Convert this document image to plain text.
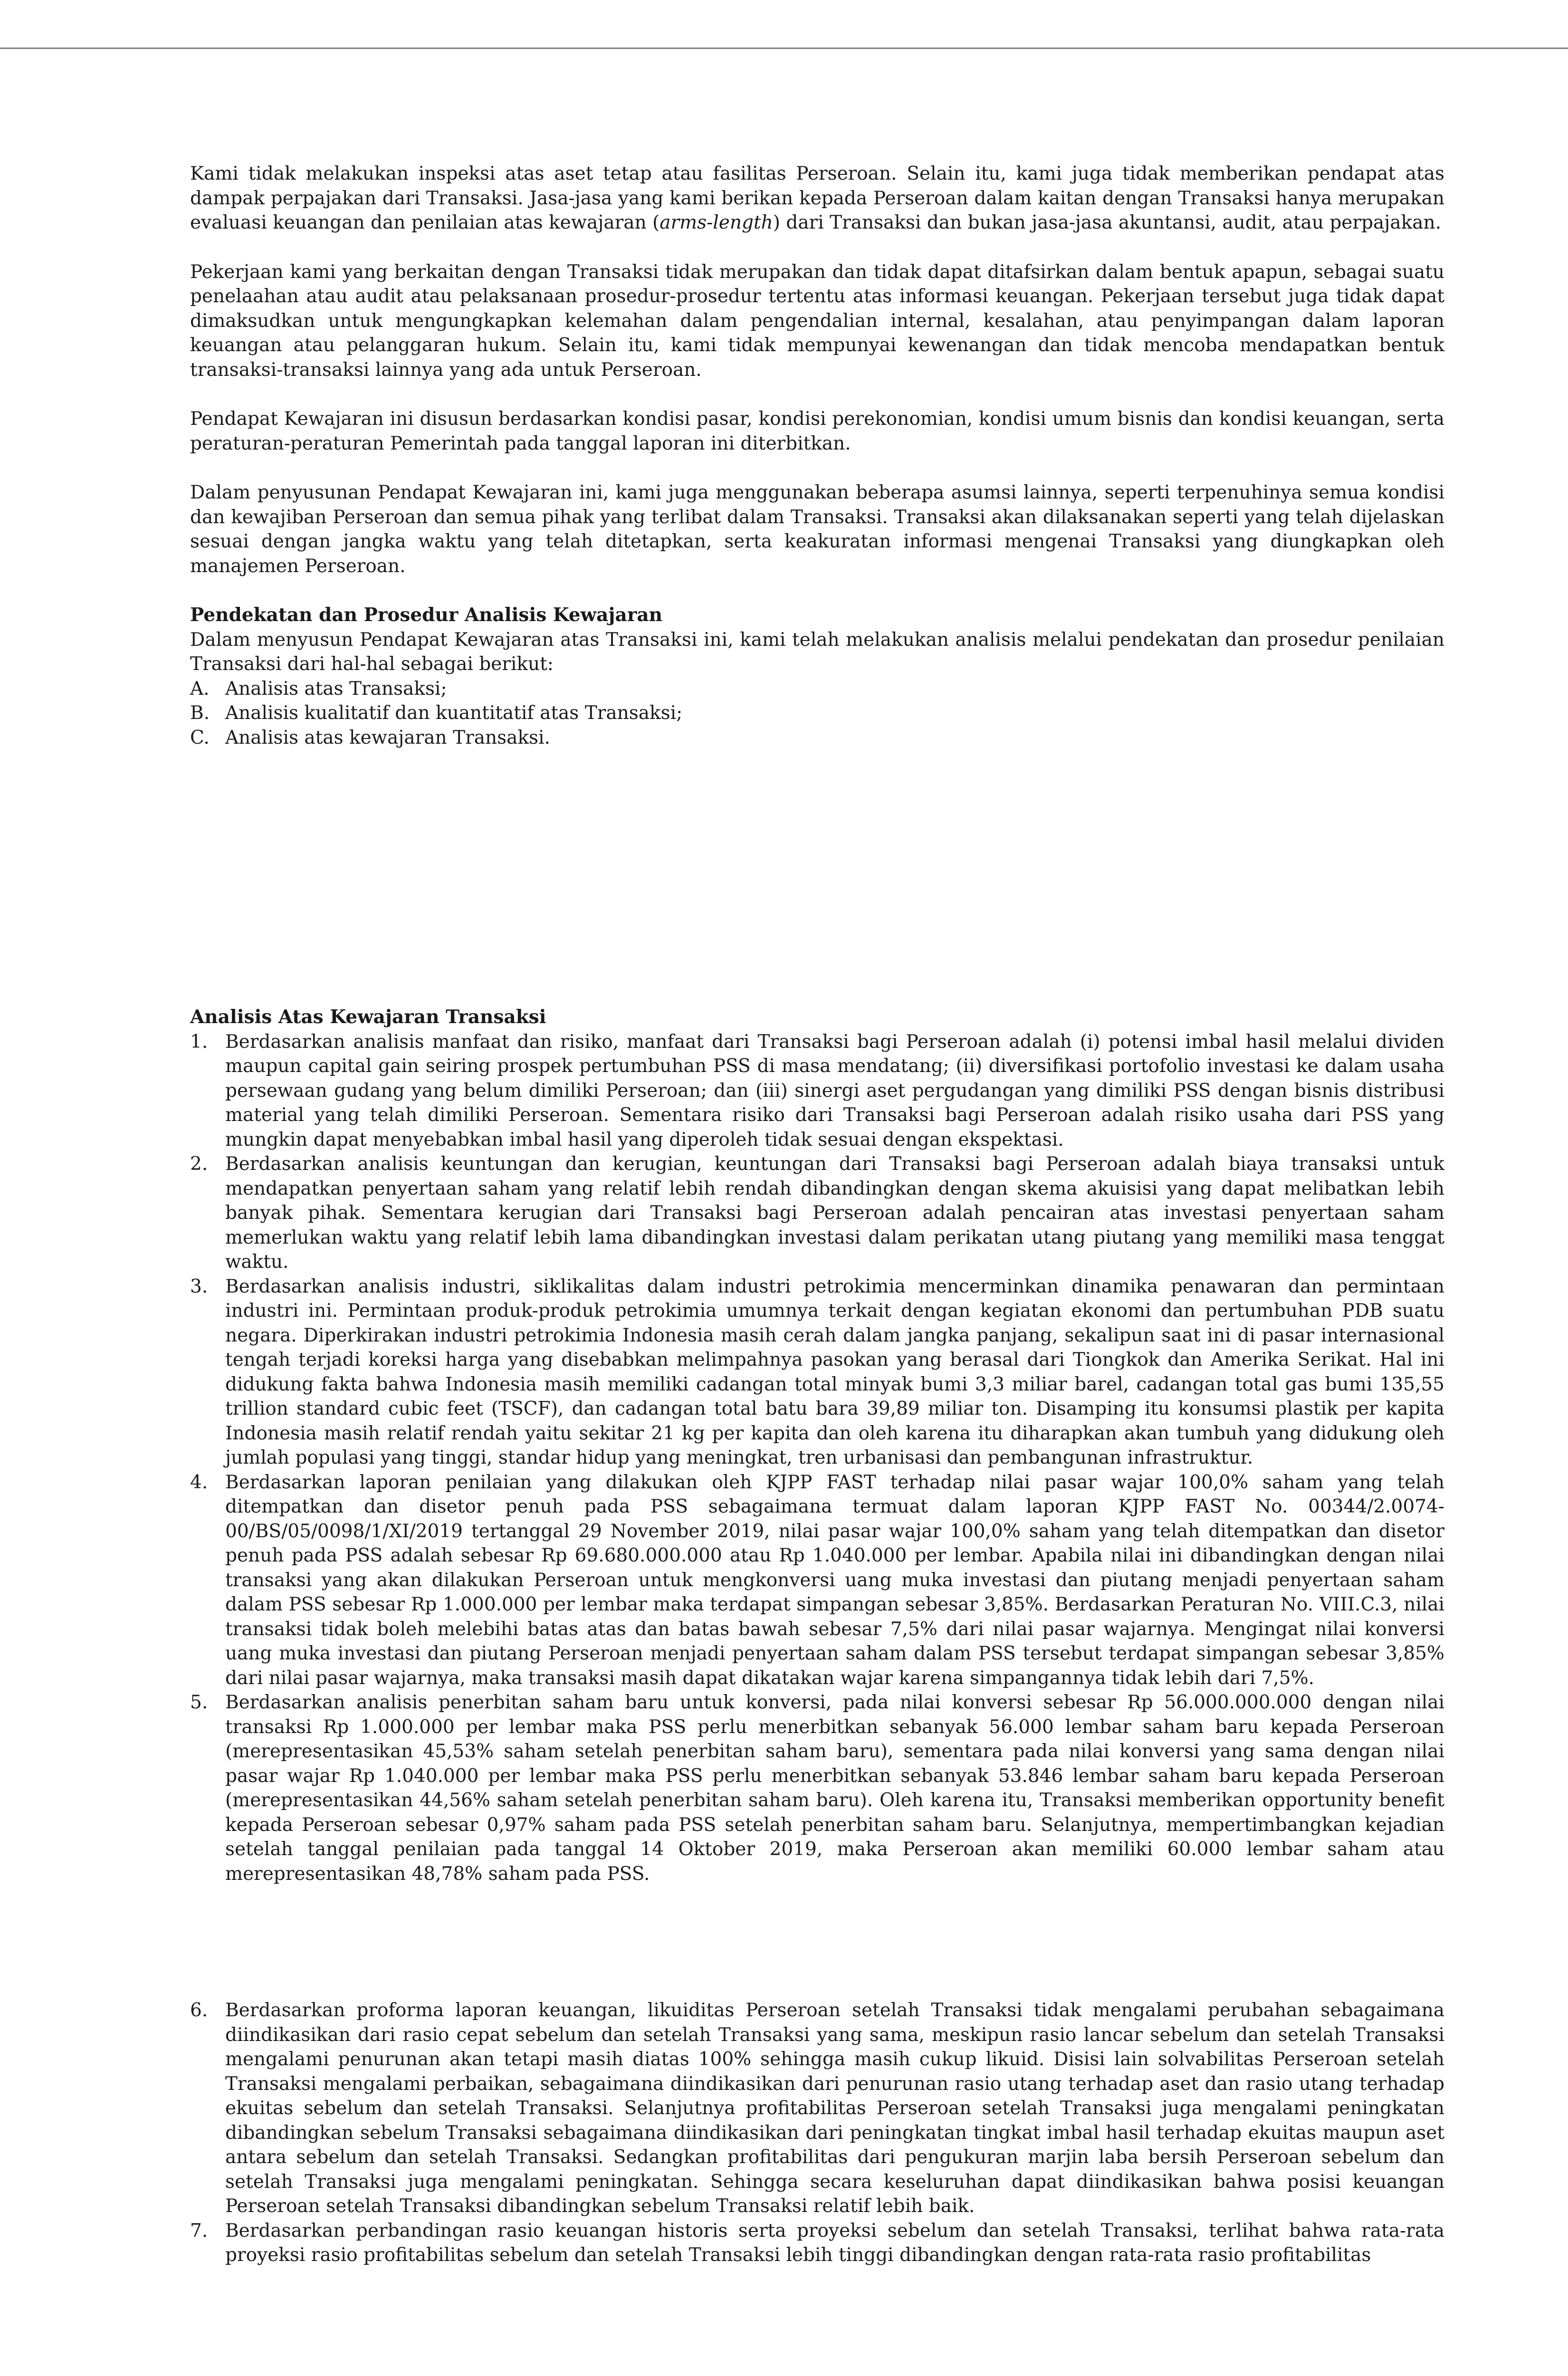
Kami tidak melakukan inspeksi atas aset tetap atau fasilitas Perseroan. Selain itu, kami juga tidak memberikan pendapat atas dampak perpajakan dari Transaksi. Jasa-jasa yang kami berikan kepada Perseroan dalam kaitan dengan Transaksi hanya merupakan evaluasi keuangan dan penilaian atas kewajaran (arms-length) dari Transaksi dan bukan jasa-jasa akuntansi, audit, atau perpajakan.

Pekerjaan kami yang berkaitan dengan Transaksi tidak merupakan dan tidak dapat ditafsirkan dalam bentuk apapun, sebagai suatu penelaahan atau audit atau pelaksanaan prosedur-prosedur tertentu atas informasi keuangan. Pekerjaan tersebut juga tidak dapat dimaksudkan untuk mengungkapkan kelemahan dalam pengendalian internal, kesalahan, atau penyimpangan dalam laporan keuangan atau pelanggaran hukum. Selain itu, kami tidak mempunyai kewenangan dan tidak mencoba mendapatkan bentuk transaksi-transaksi lainnya yang ada untuk Perseroan.

Pendapat Kewajaran ini disusun berdasarkan kondisi pasar, kondisi perekonomian, kondisi umum bisnis dan kondisi keuangan, serta peraturan-peraturan Pemerintah pada tanggal laporan ini diterbitkan.

Dalam penyusunan Pendapat Kewajaran ini, kami juga menggunakan beberapa asumsi lainnya, seperti terpenuhinya semua kondisi dan kewajiban Perseroan dan semua pihak yang terlibat dalam Transaksi. Transaksi akan dilaksanakan seperti yang telah dijelaskan sesuai dengan jangka waktu yang telah ditetapkan, serta keakuratan informasi mengenai Transaksi yang diungkapkan oleh manajemen Perseroan.

Pendekatan dan Prosedur Analisis Kewajaran

Dalam menyusun Pendapat Kewajaran atas Transaksi ini, kami telah melakukan analisis melalui pendekatan dan prosedur penilaian Transaksi dari hal-hal sebagai berikut:

A. Analisis atas Transaksi;
B. Analisis kualitatif dan kuantitatif atas Transaksi;
C. Analisis atas kewajaran Transaksi.
Analisis Atas Kewajaran Transaksi
1. Berdasarkan analisis manfaat dan risiko, manfaat dari Transaksi bagi Perseroan adalah (i) potensi imbal hasil melalui dividen maupun capital gain seiring prospek pertumbuhan PSS di masa mendatang; (ii) diversifikasi portofolio investasi ke dalam usaha persewaan gudang yang belum dimiliki Perseroan; dan (iii) sinergi aset pergudangan yang dimiliki PSS dengan bisnis distribusi material yang telah dimiliki Perseroan. Sementara risiko dari Transaksi bagi Perseroan adalah risiko usaha dari PSS yang mungkin dapat menyebabkan imbal hasil yang diperoleh tidak sesuai dengan ekspektasi.
2. Berdasarkan analisis keuntungan dan kerugian, keuntungan dari Transaksi bagi Perseroan adalah biaya transaksi untuk mendapatkan penyertaan saham yang relatif lebih rendah dibandingkan dengan skema akuisisi yang dapat melibatkan lebih banyak pihak. Sementara kerugian dari Transaksi bagi Perseroan adalah pencairan atas investasi penyertaan saham memerlukan waktu yang relatif lebih lama dibandingkan investasi dalam perikatan utang piutang yang memiliki masa tenggat waktu.
3. Berdasarkan analisis industri, siklikalitas dalam industri petrokimia mencerminkan dinamika penawaran dan permintaan industri ini. Permintaan produk-produk petrokimia umumnya terkait dengan kegiatan ekonomi dan pertumbuhan PDB suatu negara. Diperkirakan industri petrokimia Indonesia masih cerah dalam jangka panjang, sekalipun saat ini di pasar internasional tengah terjadi koreksi harga yang disebabkan melimpahnya pasokan yang berasal dari Tiongkok dan Amerika Serikat. Hal ini didukung fakta bahwa Indonesia masih memiliki cadangan total minyak bumi 3,3 miliar barel, cadangan total gas bumi 135,55 trillion standard cubic feet (TSCF), dan cadangan total batu bara 39,89 miliar ton. Disamping itu konsumsi plastik per kapita Indonesia masih relatif rendah yaitu sekitar 21 kg per kapita dan oleh karena itu diharapkan akan tumbuh yang didukung oleh jumlah populasi yang tinggi, standar hidup yang meningkat, tren urbanisasi dan pembangunan infrastruktur.
4. Berdasarkan laporan penilaian yang dilakukan oleh KJPP FAST terhadap nilai pasar wajar 100,0% saham yang telah ditempatkan dan disetor penuh pada PSS sebagaimana termuat dalam laporan KJPP FAST No. 00344/2.0074-00/BS/05/0098/1/XI/2019 tertanggal 29 November 2019, nilai pasar wajar 100,0% saham yang telah ditempatkan dan disetor penuh pada PSS adalah sebesar Rp 69.680.000.000 atau Rp 1.040.000 per lembar. Apabila nilai ini dibandingkan dengan nilai transaksi yang akan dilakukan Perseroan untuk mengkonversi uang muka investasi dan piutang menjadi penyertaan saham dalam PSS sebesar Rp 1.000.000 per lembar maka terdapat simpangan sebesar 3,85%. Berdasarkan Peraturan No. VIII.C.3, nilai transaksi tidak boleh melebihi batas atas dan batas bawah sebesar 7,5% dari nilai pasar wajarnya. Mengingat nilai konversi uang muka investasi dan piutang Perseroan menjadi penyertaan saham dalam PSS tersebut terdapat simpangan sebesar 3,85% dari nilai pasar wajarnya, maka transaksi masih dapat dikatakan wajar karena simpangannya tidak lebih dari 7,5%.
5. Berdasarkan analisis penerbitan saham baru untuk konversi, pada nilai konversi sebesar Rp 56.000.000.000 dengan nilai transaksi Rp 1.000.000 per lembar maka PSS perlu menerbitkan sebanyak 56.000 lembar saham baru kepada Perseroan (merepresentasikan 45,53% saham setelah penerbitan saham baru), sementara pada nilai konversi yang sama dengan nilai pasar wajar Rp 1.040.000 per lembar maka PSS perlu menerbitkan sebanyak 53.846 lembar saham baru kepada Perseroan (merepresentasikan 44,56% saham setelah penerbitan saham baru). Oleh karena itu, Transaksi memberikan opportunity benefit kepada Perseroan sebesar 0,97% saham pada PSS setelah penerbitan saham baru. Selanjutnya, mempertimbangkan kejadian setelah tanggal penilaian pada tanggal 14 Oktober 2019, maka Perseroan akan memiliki 60.000 lembar saham atau merepresentasikan 48,78% saham pada PSS.
6. Berdasarkan proforma laporan keuangan, likuiditas Perseroan setelah Transaksi tidak mengalami perubahan sebagaimana diindikasikan dari rasio cepat sebelum dan setelah Transaksi yang sama, meskipun rasio lancar sebelum dan setelah Transaksi mengalami penurunan akan tetapi masih diatas 100% sehingga masih cukup likuid. Disisi lain solvabilitas Perseroan setelah Transaksi mengalami perbaikan, sebagaimana diindikasikan dari penurunan rasio utang terhadap aset dan rasio utang terhadap ekuitas sebelum dan setelah Transaksi. Selanjutnya profitabilitas Perseroan setelah Transaksi juga mengalami peningkatan dibandingkan sebelum Transaksi sebagaimana diindikasikan dari peningkatan tingkat imbal hasil terhadap ekuitas maupun aset antara sebelum dan setelah Transaksi. Sedangkan profitabilitas dari pengukuran marjin laba bersih Perseroan sebelum dan setelah Transaksi juga mengalami peningkatan. Sehingga secara keseluruhan dapat diindikasikan bahwa posisi keuangan Perseroan setelah Transaksi dibandingkan sebelum Transaksi relatif lebih baik.
7. Berdasarkan perbandingan rasio keuangan historis serta proyeksi sebelum dan setelah Transaksi, terlihat bahwa rata-rata proyeksi rasio profitabilitas sebelum dan setelah Transaksi lebih tinggi dibandingkan dengan rata-rata rasio profitabilitas
